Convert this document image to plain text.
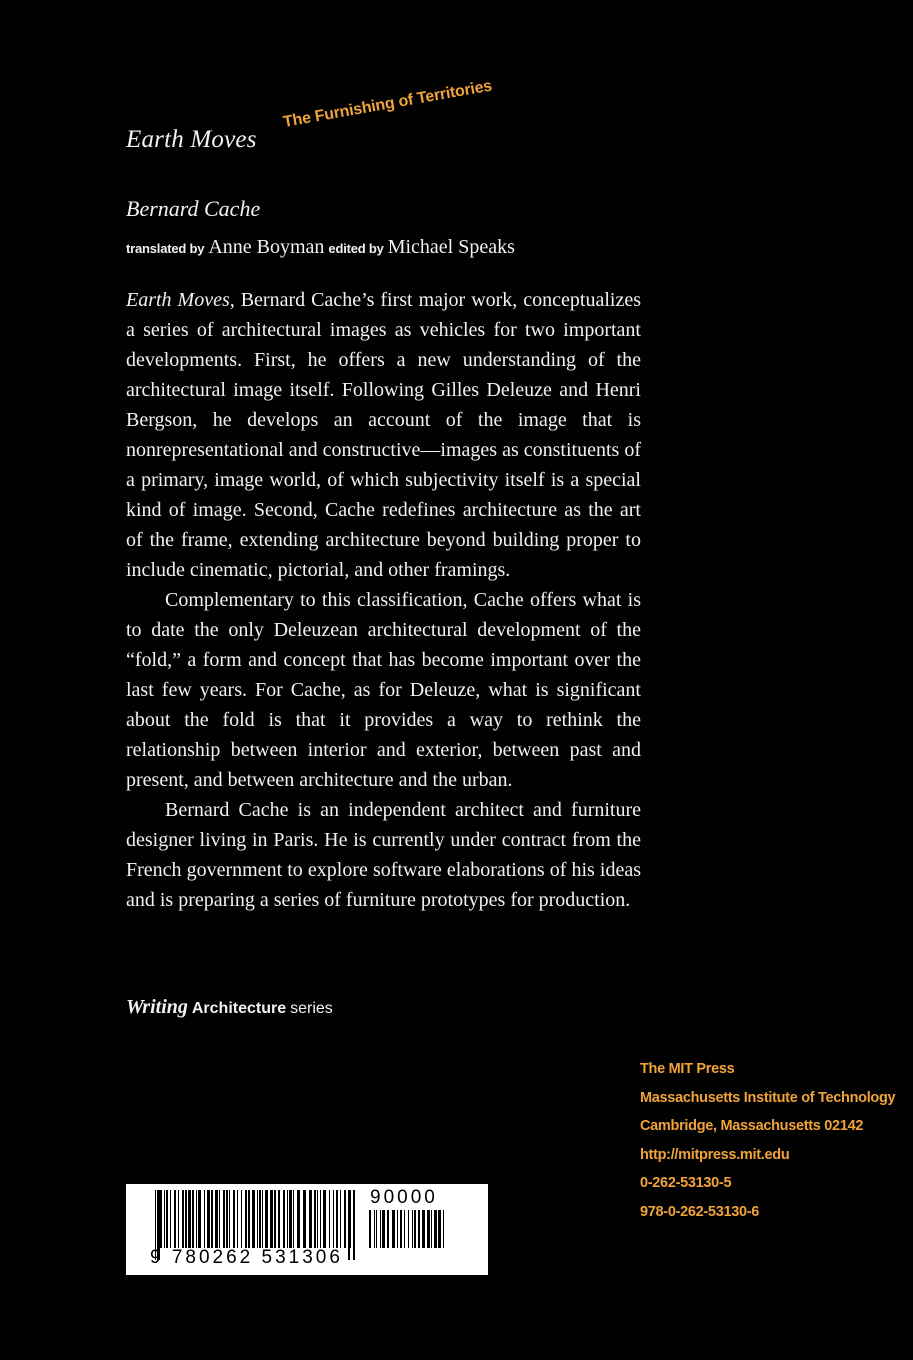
Earth Moves
The Furnishing of Territories
Bernard Cache
translated by Anne Boyman edited by Michael Speaks

Earth Moves, Bernard Cache’s first major work, conceptualizes a series of architectural images as vehicles for two important developments. First, he offers a new understanding of the architectural image itself. Following Gilles Deleuze and Henri Bergson, he develops an account of the image that is nonrepresentational and constructive—images as constituents of a primary, image world, of which subjectivity itself is a special kind of image. Second, Cache redefines architecture as the art of the frame, extending architecture beyond building proper to include cinematic, pictorial, and other framings.

Complementary to this classification, Cache offers what is to date the only Deleuzean architectural development of the “fold,” a form and concept that has become important over the last few years. For Cache, as for Deleuze, what is significant about the fold is that it provides a way to rethink the relationship between interior and exterior, between past and present, and between architecture and the urban.

Bernard Cache is an independent architect and furniture designer living in Paris. He is currently under contract from the French government to explore software elaborations of his ideas and is preparing a series of furniture prototypes for production.

Writing Architecture series
The MIT Press
Massachusetts Institute of Technology
Cambridge, Massachusetts 02142
http://mitpress.mit.edu
0-262-53130-5
978-0-262-53130-6
9 780262 531306
90000
